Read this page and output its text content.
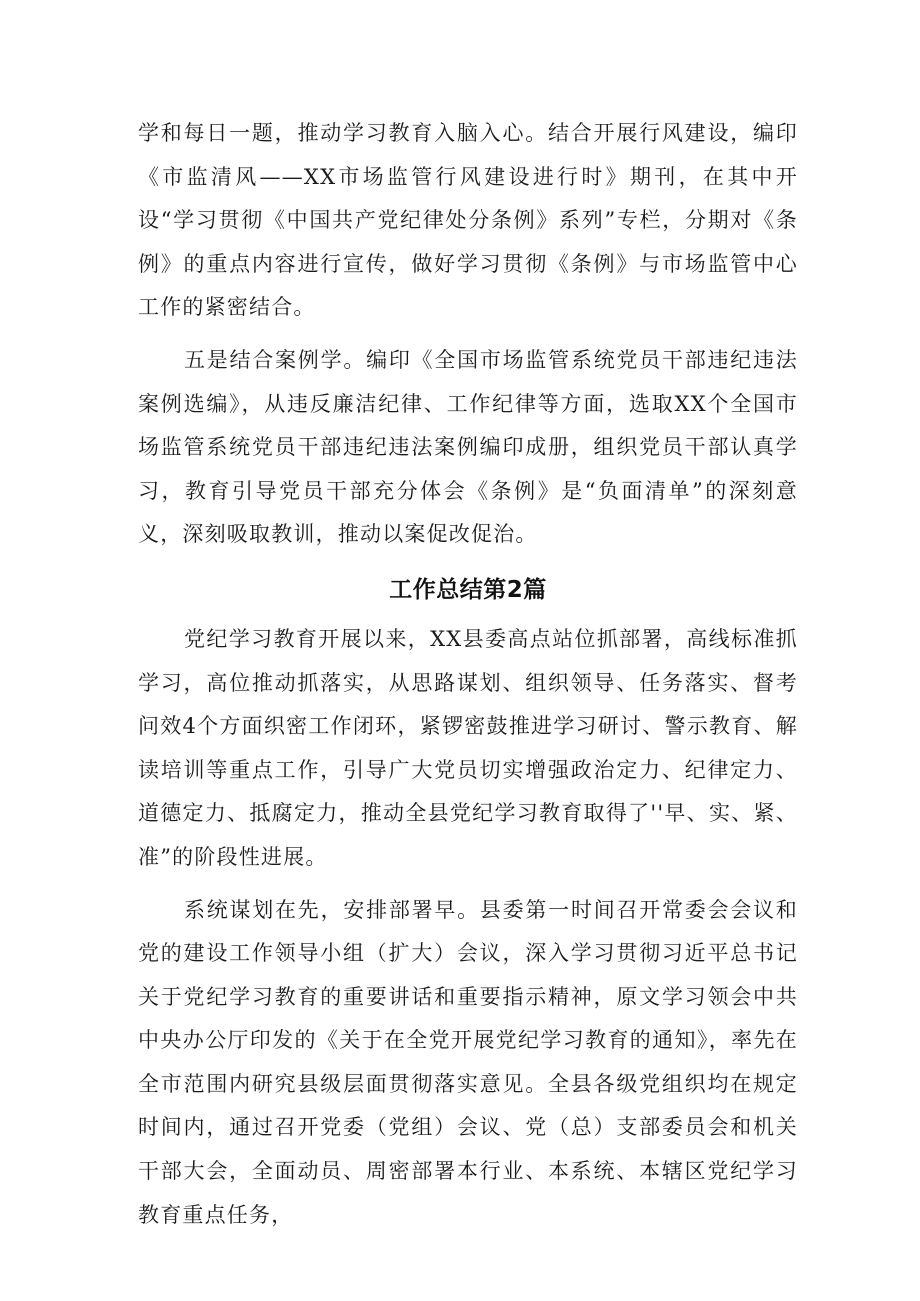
学和每日一题，推动学习教育入脑入心。结合开展行风建设，编印《市监清风——XX市场监管行风建设进行时》期刊，在其中开设“学习贯彻《中国共产党纪律处分条例》系列”专栏，分期对《条例》的重点内容进行宣传，做好学习贯彻《条例》与市场监管中心工作的紧密结合。

五是结合案例学。编印《全国市场监管系统党员干部违纪违法案例选编》，从违反廉洁纪律、工作纪律等方面，选取XX个全国市场监管系统党员干部违纪违法案例编印成册，组织党员干部认真学习，教育引导党员干部充分体会《条例》是“负面清单”的深刻意义，深刻吸取教训，推动以案促改促治。

工作总结第2篇

党纪学习教育开展以来，XX县委高点站位抓部署，高线标准抓学习，高位推动抓落实，从思路谋划、组织领导、任务落实、督考问效4个方面织密工作闭环，紧锣密鼓推进学习研讨、警示教育、解读培训等重点工作，引导广大党员切实增强政治定力、纪律定力、道德定力、抵腐定力，推动全县党纪学习教育取得了''早、实、紧、准”的阶段性进展。

系统谋划在先，安排部署早。县委第一时间召开常委会会议和党的建设工作领导小组（扩大）会议，深入学习贯彻习近平总书记关于党纪学习教育的重要讲话和重要指示精神，原文学习领会中共中央办公厅印发的《关于在全党开展党纪学习教育的通知》，率先在全市范围内研究县级层面贯彻落实意见。全县各级党组织均在规定时间内，通过召开党委（党组）会议、党（总）支部委员会和机关干部大会，全面动员、周密部署本行业、本系统、本辖区党纪学习教育重点任务，
